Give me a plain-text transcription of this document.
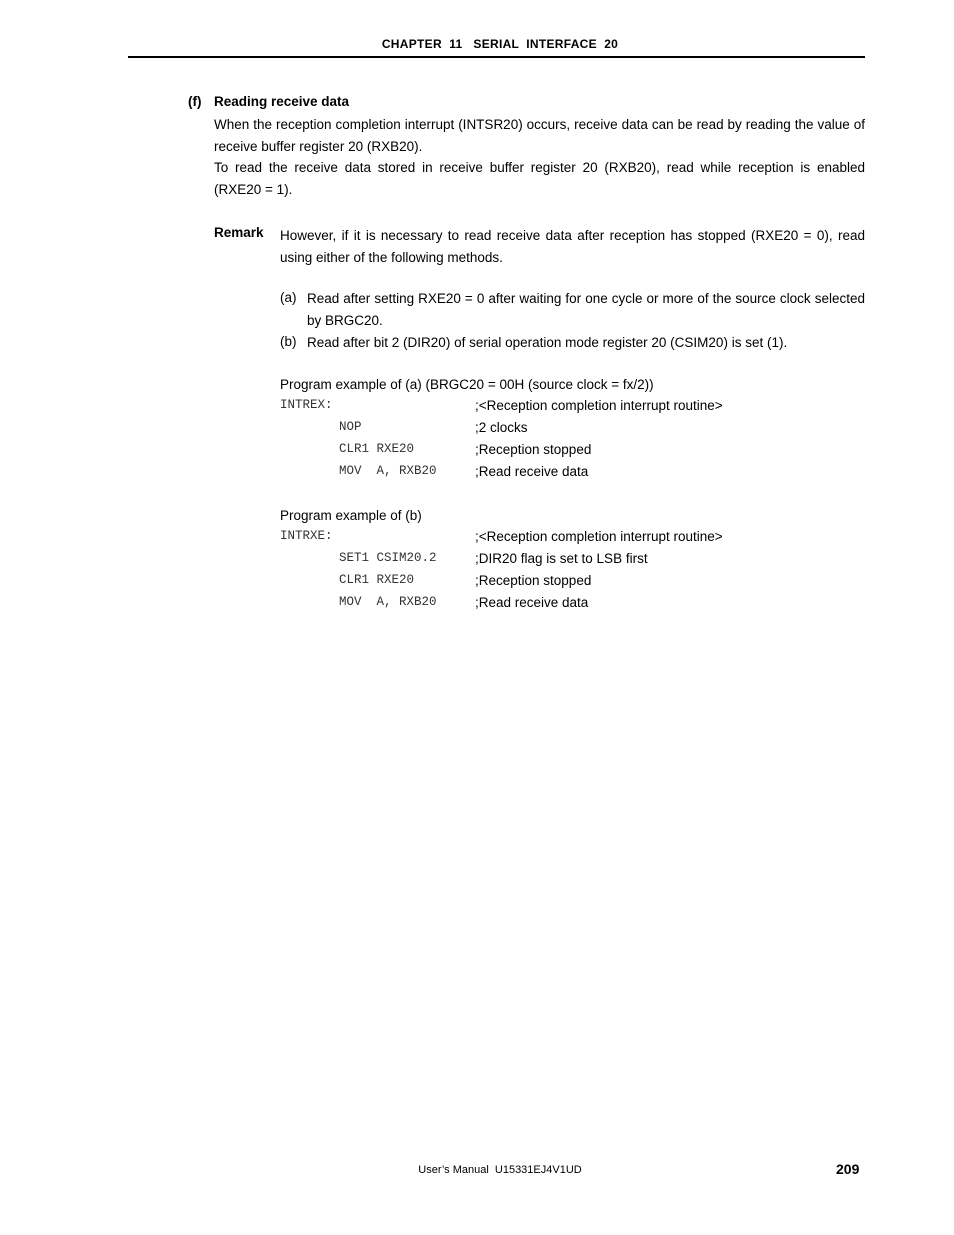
CHAPTER  11   SERIAL  INTERFACE  20
(f) Reading receive data

When the reception completion interrupt (INTSR20) occurs, receive data can be read by reading the value of receive buffer register 20 (RXB20).

To read the receive data stored in receive buffer register 20 (RXB20), read while reception is enabled (RXE20 = 1).

Remark However, if it is necessary to read receive data after reception has stopped (RXE20 = 0), read using either of the following methods.

(a) Read after setting RXE20 = 0 after waiting for one cycle or more of the source clock selected by BRGC20.

(b) Read after bit 2 (DIR20) of serial operation mode register 20 (CSIM20) is set (1).

Program example of (a) (BRGC20 = 00H (source clock = fx/2))
INTREX:	;<Reception completion interrupt routine>
NOP	;2 clocks
CLR1 RXE20	;Reception stopped
MOV  A, RXB20	;Read receive data
Program example of (b)
INTRXE:	;<Reception completion interrupt routine>
SET1 CSIM20.2	;DIR20 flag is set to LSB first
CLR1 RXE20	;Reception stopped
MOV  A, RXB20	;Read receive data
User’s Manual  U15331EJ4V1UD	209
